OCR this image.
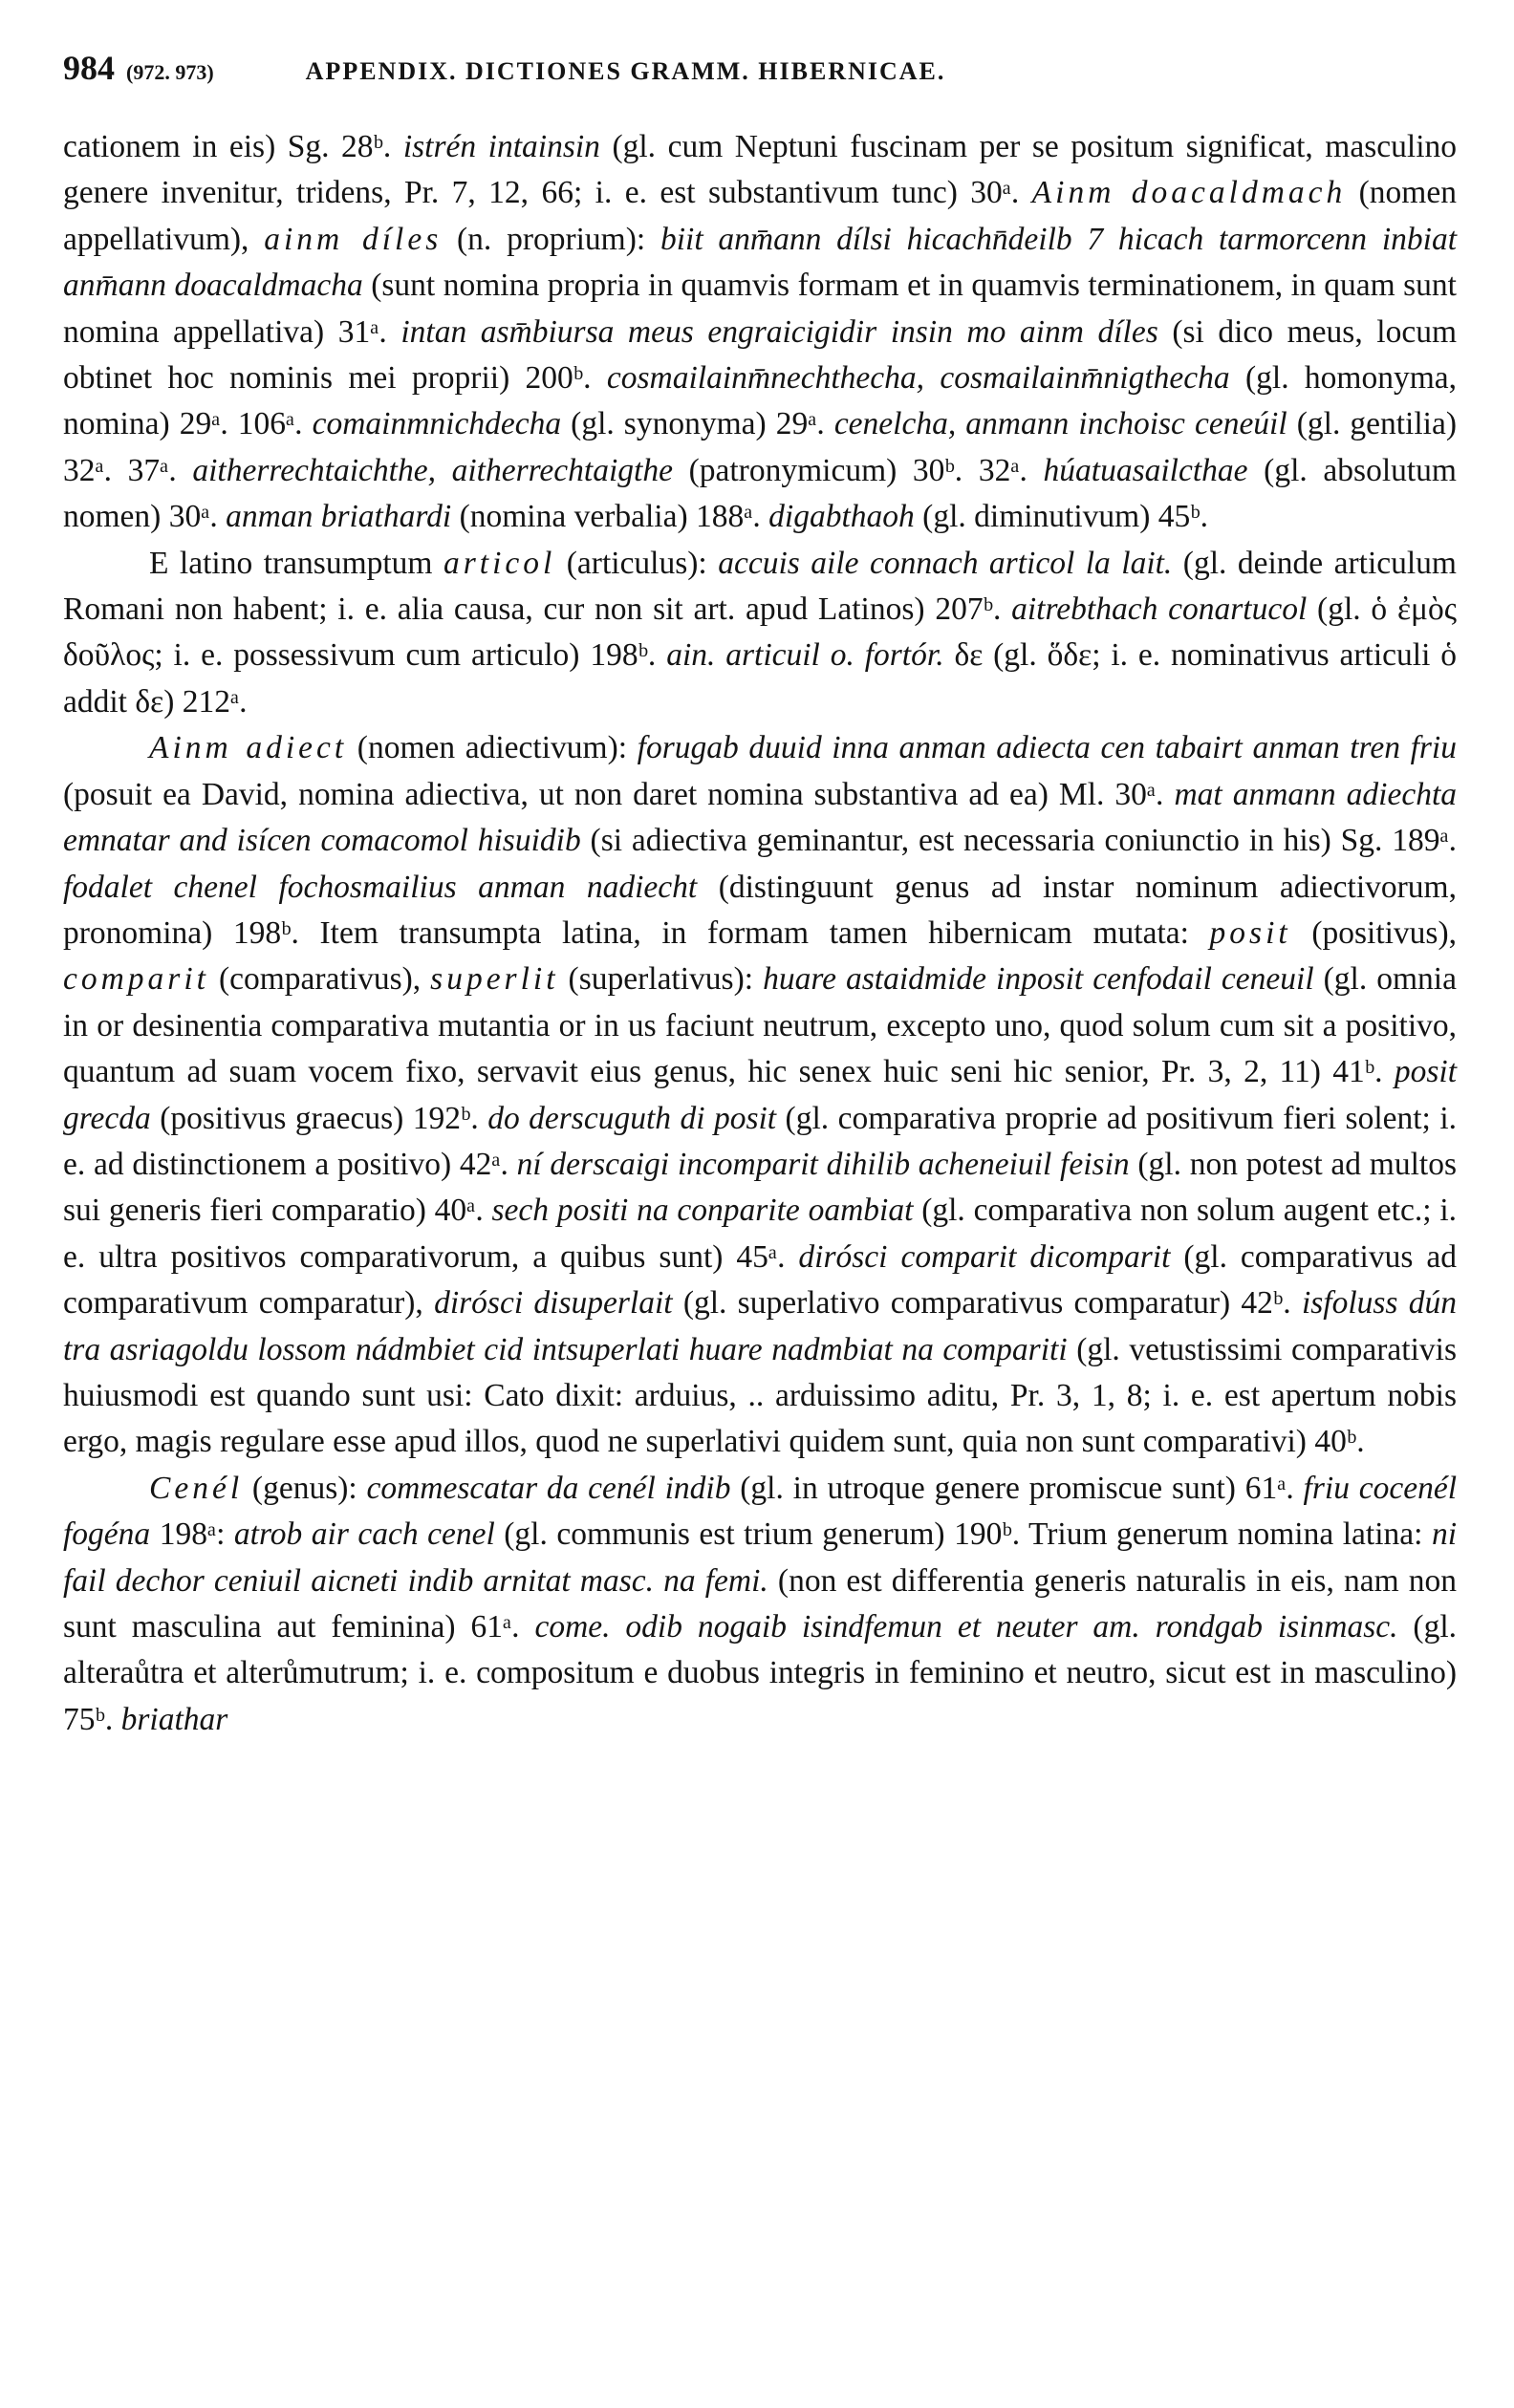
984 (972. 973)	APPENDIX. DICTIONES GRAMM. HIBERNICAE.

cationem in eis) Sg. 28ᵇ. istrén intainsin (gl. cum Neptuni fuscinam per se positum significat, masculino genere invenitur, tridens, Pr. 7, 12, 66; i. e. est substantivum tunc) 30ᵃ. Ainm doacaldmach (nomen appellativum), ainm díles (n. proprium): biit anm̄ann dílsi hicachn̄deilb 7 hicach tarmorcenn inbiat anm̄ann doacaldmacha (sunt nomina propria in quamvis formam et in quamvis terminationem, in quam sunt nomina appellativa) 31ᵃ. intan asm̄biursa meus engraicigidir insin mo ainm díles (si dico meus, locum obtinet hoc nominis mei proprii) 200ᵇ. cosmailainm̄nechthecha, cosmailainm̄nigthecha (gl. homonyma, nomina) 29ᵃ. 106ᵃ. comainmnichdecha (gl. synonyma) 29ᵃ. cenelcha, anmann inchoisc ceneúil (gl. gentilia) 32ᵃ. 37ᵃ. aitherrechtaichthe, aitherrechtaigthe (patronymicum) 30ᵇ. 32ᵃ. húatuasailcthae (gl. absolutum nomen) 30ᵃ. anman briathardi (nomina verbalia) 188ᵃ. digabthaoh (gl. diminutivum) 45ᵇ.

E latino transumptum articol (articulus): accuis aile connach articol la lait. (gl. deinde articulum Romani non habent; i. e. alia causa, cur non sit art. apud Latinos) 207ᵇ. aitrebthach conartucol (gl. ὁ ἐμὸς δοῦλος; i. e. possessivum cum articulo) 198ᵇ. ain. articuil o. fortór. δε (gl. ὅδε; i. e. nominativus articuli ὁ addit δε) 212ᵃ.

Ainm adiect (nomen adiectivum): forugab duuid inna anman adiecta cen tabairt anman tren friu (posuit ea David, nomina adiectiva, ut non daret nomina substantiva ad ea) Ml. 30ᵃ. mat anmann adiechta emnatar and isícen comacomol hisuidib (si adiectiva geminantur, est necessaria coniunctio in his) Sg. 189ᵃ. fodalet chenel fochosmailius anman nadiecht (distinguunt genus ad instar nominum adiectivorum, pronomina) 198ᵇ. Item transumpta latina, in formam tamen hibernicam mutata: posit (positivus), comparit (comparativus), superlit (superlativus): huare astaidmide inposit cenfodail ceneuil (gl. omnia in or desinentia comparativa mutantia or in us faciunt neutrum, excepto uno, quod solum cum sit a positivo, quantum ad suam vocem fixo, servavit eius genus, hic senex huic seni hic senior, Pr. 3, 2, 11) 41ᵇ. posit grecda (positivus graecus) 192ᵇ. do derscuguth di posit (gl. comparativa proprie ad positivum fieri solent; i. e. ad distinctionem a positivo) 42ᵃ. ní derscaigi incomparit dihilib acheneiuil feisin (gl. non potest ad multos sui generis fieri comparatio) 40ᵃ. sech positi na conparite oambiat (gl. comparativa non solum augent etc.; i. e. ultra positivos comparativorum, a quibus sunt) 45ᵃ. dirósci comparit dicomparit (gl. comparativus ad comparativum comparatur), dirósci disuperlait (gl. superlativo comparativus comparatur) 42ᵇ. isfoluss dún tra asriagoldu lossom nádmbiet cid intsuperlati huare nadmbiat na compariti (gl. vetustissimi comparativis huiusmodi est quando sunt usi: Cato dixit: arduius, .. arduissimo aditu, Pr. 3, 1, 8; i. e. est apertum nobis ergo, magis regulare esse apud illos, quod ne superlativi quidem sunt, quia non sunt comparativi) 40ᵇ.

Cenél (genus): commescatar da cenél indib (gl. in utroque genere promiscue sunt) 61ᵃ. friu cocenél fogéna 198ᵃ: atrob air cach cenel (gl. communis est trium generum) 190ᵇ. Trium generum nomina latina: ni fail dechor ceniuil aicneti indib arnitat masc. na femi. (non est differentia generis naturalis in eis, nam non sunt masculina aut feminina) 61ᵃ. come. odib nogaib isindfemun et neuter am. rondgab isinmasc. (gl. alteraůtra et alterůmutrum; i. e. compositum e duobus integris in feminino et neutro, sicut est in masculino) 75ᵇ. briathar
